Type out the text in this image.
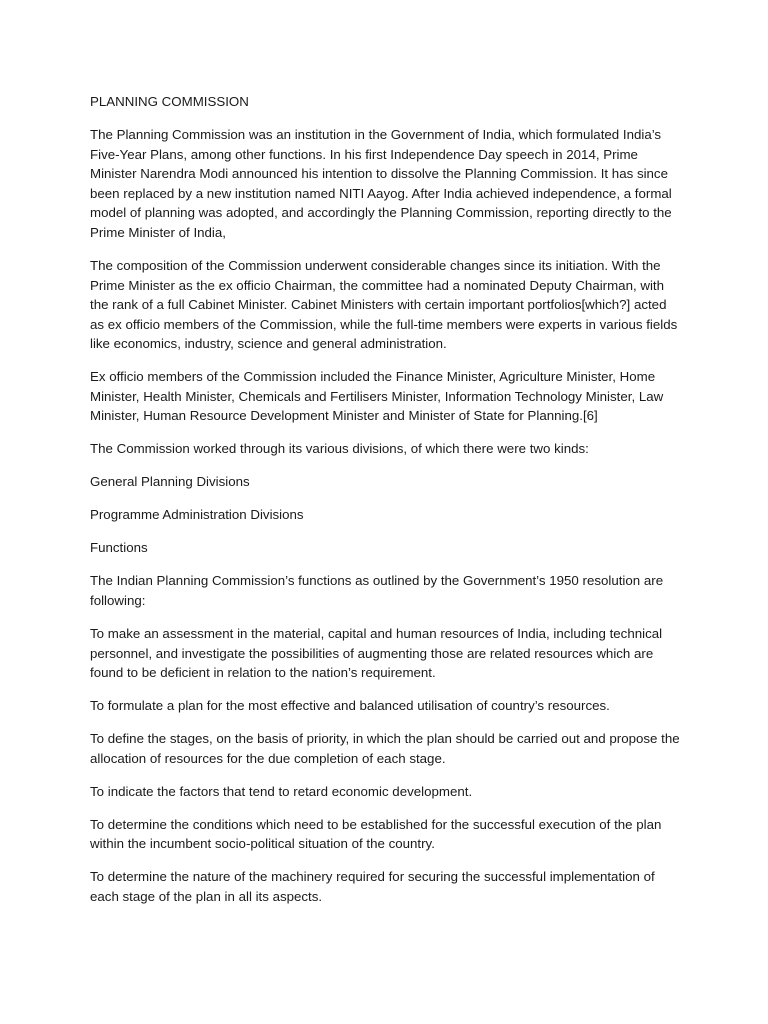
PLANNING COMMISSION

The Planning Commission was an institution in the Government of India, which formulated India’s Five-Year Plans, among other functions. In his first Independence Day speech in 2014, Prime Minister Narendra Modi announced his intention to dissolve the Planning Commission. It has since been replaced by a new institution named NITI Aayog. After India achieved independence, a formal model of planning was adopted, and accordingly the Planning Commission, reporting directly to the Prime Minister of India,

The composition of the Commission underwent considerable changes since its initiation. With the Prime Minister as the ex officio Chairman, the committee had a nominated Deputy Chairman, with the rank of a full Cabinet Minister. Cabinet Ministers with certain important portfolios[which?] acted as ex officio members of the Commission, while the full-time members were experts in various fields like economics, industry, science and general administration.

Ex officio members of the Commission included the Finance Minister, Agriculture Minister, Home Minister, Health Minister, Chemicals and Fertilisers Minister, Information Technology Minister, Law Minister, Human Resource Development Minister and Minister of State for Planning.[6]

The Commission worked through its various divisions, of which there were two kinds:

General Planning Divisions

Programme Administration Divisions

Functions

The Indian Planning Commission’s functions as outlined by the Government’s 1950 resolution are following:

To make an assessment in the material, capital and human resources of India, including technical personnel, and investigate the possibilities of augmenting those are related resources which are found to be deficient in relation to the nation’s requirement.

To formulate a plan for the most effective and balanced utilisation of country’s resources.

To define the stages, on the basis of priority, in which the plan should be carried out and propose the allocation of resources for the due completion of each stage.

To indicate the factors that tend to retard economic development.

To determine the conditions which need to be established for the successful execution of the plan within the incumbent socio-political situation of the country.

To determine the nature of the machinery required for securing the successful implementation of each stage of the plan in all its aspects.
